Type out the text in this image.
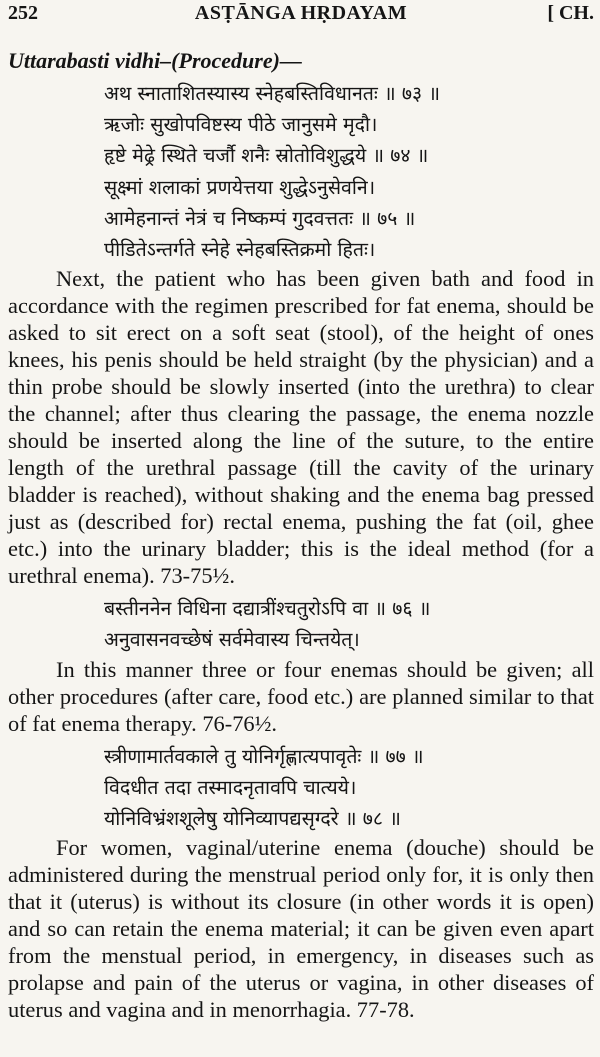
252	ASṬĀNGA HṚDAYAM	[ CH.

Uttarabasti vidhi–(Procedure)—

अथ स्नाताशितस्यास्य स्नेहबस्तिविधानतः ॥ ७३ ॥

ऋजोः सुखोपविष्टस्य पीठे जानुसमे मृदौ।

हृष्टे मेढ्रे स्थिते चर्जौ शनैः स्रोतोविशुद्धये ॥ ७४ ॥

सूक्ष्मां शलाकां प्रणयेत्तया शुद्धेऽनुसेवनि।

आमेहनान्तं नेत्रं च निष्कम्पं गुदवत्ततः ॥ ७५ ॥

पीडितेऽन्तर्गते स्नेहे स्नेहबस्तिक्रमो हितः।

Next, the patient who has been given bath and food in accordance with the regimen prescribed for fat enema, should be asked to sit erect on a soft seat (stool), of the height of ones knees, his penis should be held straight (by the physician) and a thin probe should be slowly inserted (into the urethra) to clear the channel; after thus clearing the passage, the enema nozzle should be inserted along the line of the suture, to the entire length of the urethral passage (till the cavity of the urinary bladder is reached), without shaking and the enema bag pressed just as (described for) rectal enema, pushing the fat (oil, ghee etc.) into the urinary bladder; this is the ideal method (for a urethral enema). 73-75½.

बस्तीननेन विधिना दद्यात्रींश्चतुरोऽपि वा ॥ ७६ ॥

अनुवासनवच्छेषं सर्वमेवास्य चिन्तयेत्।

In this manner three or four enemas should be given; all other procedures (after care, food etc.) are planned similar to that of fat enema therapy. 76-76½.

स्त्रीणामार्तवकाले तु योनिर्गृह्णात्यपावृतेः ॥ ७७ ॥

विदधीत तदा तस्मादनृतावपि चात्यये।

योनिविभ्रंशशूलेषु योनिव्यापद्यसृग्दरे ॥ ७८ ॥

For women, vaginal/uterine enema (douche) should be administered during the menstrual period only for, it is only then that it (uterus) is without its closure (in other words it is open) and so can retain the enema material; it can be given even apart from the menstual period, in emergency, in diseases such as prolapse and pain of the uterus or vagina, in other diseases of uterus and vagina and in menorrhagia. 77-78.
